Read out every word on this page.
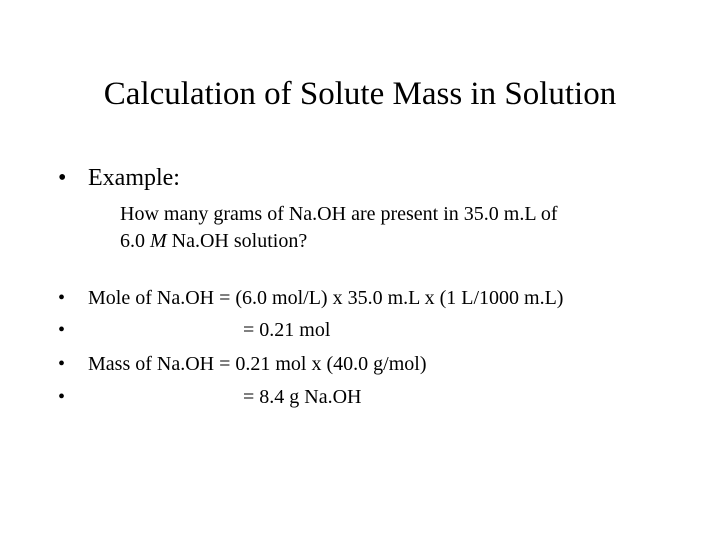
Calculation of Solute Mass in Solution
• Example:
How many grams of Na.OH are present in 35.0 m.L of
6.0 M Na.OH solution?
• Mole of Na.OH = (6.0 mol/L) x 35.0 m.L x (1 L/1000 m.L)
•	= 0.21 mol
• Mass of Na.OH = 0.21 mol x (40.0 g/mol)
•	= 8.4 g Na.OH
